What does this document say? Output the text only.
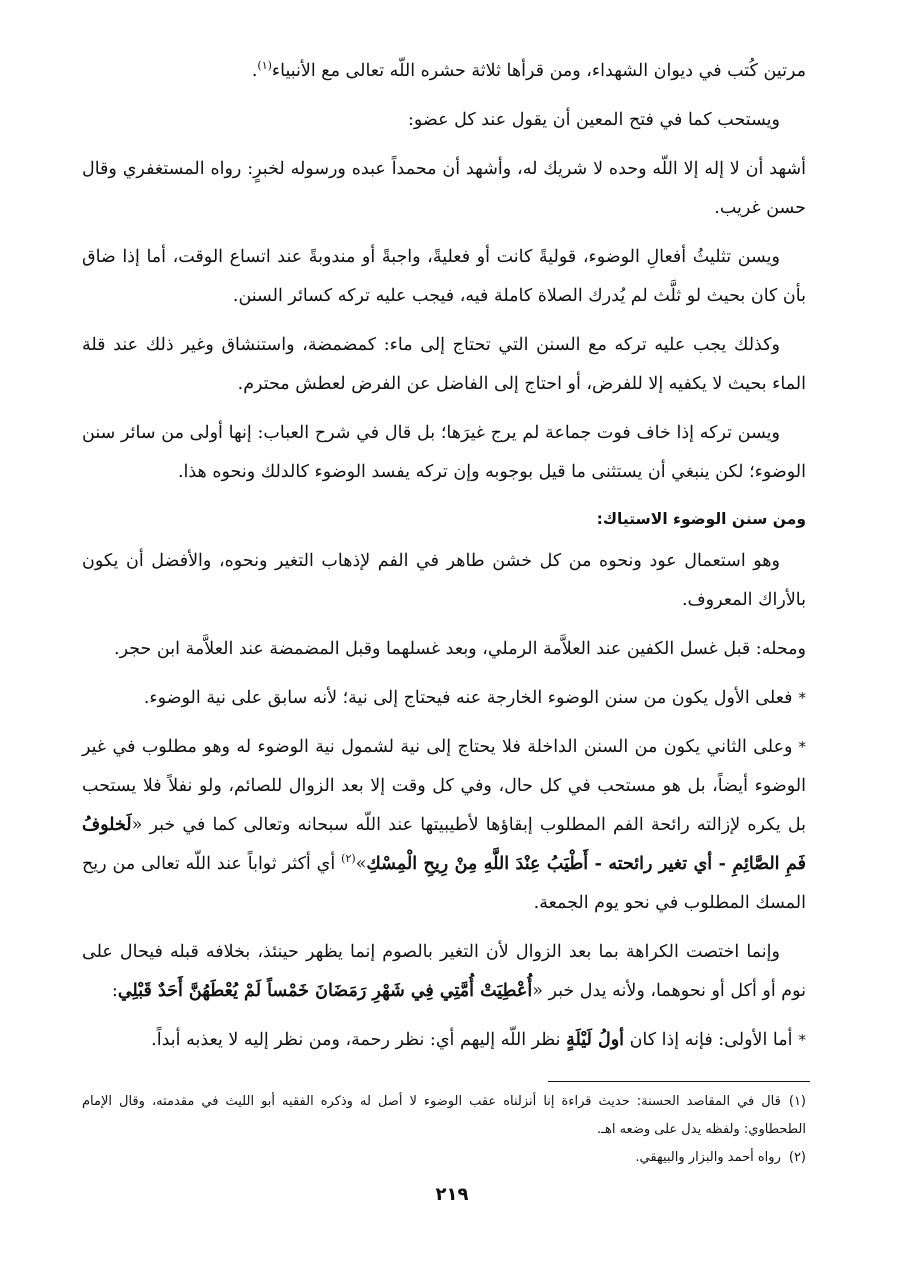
مرتين كُتب في ديوان الشهداء، ومن قرأها ثلاثة حشره اللّه تعالى مع الأنبياء$^{(١)}$.

ويستحب كما في فتح المعين أن يقول عند كل عضو:

أشهد أن لا إله إلا اللّه وحده لا شريك له، وأشهد أن محمداً عبده ورسوله لخبرٍ: رواه المستغفري وقال حسن غريب.

ويسن تثليثُ أفعالِ الوضوء، قوليةً كانت أو فعليةً، واجبةً أو مندوبةً عند اتساع الوقت، أما إذا ضاق بأن كان بحيث لو ثلَّث لم يُدرك الصلاة كاملة فيه، فيجب عليه تركه كسائر السنن.

وكذلك يجب عليه تركه مع السنن التي تحتاج إلى ماء: كمضمضة، واستنشاق وغير ذلك عند قلة الماء بحيث لا يكفيه إلا للفرض، أو احتاج إلى الفاضل عن الفرض لعطش محترم.

ويسن تركه إذا خاف فوت جماعة لم يرج غيرَها؛ بل قال في شرح العباب: إنها أولى من سائر سنن الوضوء؛ لكن ينبغي أن يستثنى ما قيل بوجوبه وإن تركه يفسد الوضوء كالدلك ونحوه هذا.

ومن سنن الوضوء الاستياك:

وهو استعمال عود ونحوه من كل خشن طاهر في الفم لإذهاب التغير ونحوه، والأفضل أن يكون بالأراك المعروف.

ومحله: قبل غسل الكفين عند العلاَّمة الرملي، وبعد غسلهما وقبل المضمضة عند العلاَّمة ابن حجر.

*فعلى الأول يكون من سنن الوضوء الخارجة عنه فيحتاج إلى نية؛ لأنه سابق على نية الوضوء.

*وعلى الثاني يكون من السنن الداخلة فلا يحتاج إلى نية لشمول نية الوضوء له وهو مطلوب في غير الوضوء أيضاً، بل هو مستحب في كل حال، وفي كل وقت إلا بعد الزوال للصائم، ولو نفلاً فلا يستحب بل يكره لإزالته رائحة الفم المطلوب إبقاؤها لأطيبيتها عند اللّه سبحانه وتعالى كما في خبر «لَخلوفُ فَمِ الصَّائِمِ - أي تغير رائحته - أَطْيَبُ عِنْدَ اللَّهِ مِنْ رِيحِ الْمِسْكِ»$^{(٢)}$ أي أكثر ثواباً عند اللّه تعالى من ريح المسك المطلوب في نحو يوم الجمعة.

وإنما اختصت الكراهة بما بعد الزوال لأن التغير بالصوم إنما يظهر حينئذ، بخلافه قبله فيحال على نوم أو أكل أو نحوهما، ولأنه يدل خبر «أُعْطِيَتْ أُمَّتِي فِي شَهْرِ رَمَضَانَ خَمْساً لَمْ يُعْطَهُنَّ أَحَدٌ قَبْلِي:

*أما الأولى: فإنه إذا كان أولُ لَيْلَةٍ نظر اللّه إليهم أي: نظر رحمة، ومن نظر إليه لا يعذبه أبداً.

(١)قال في المقاصد الحسنة: حديث قراءة إنا أنزلناه عقب الوضوء لا أصل له وذكره الفقيه أبو الليث في مقدمته، وقال الإمام الطحطاوي: ولفظه يدل على وضعه اهـ.

(٢)رواه أحمد والبزار والبيهقي.

٢١٩
